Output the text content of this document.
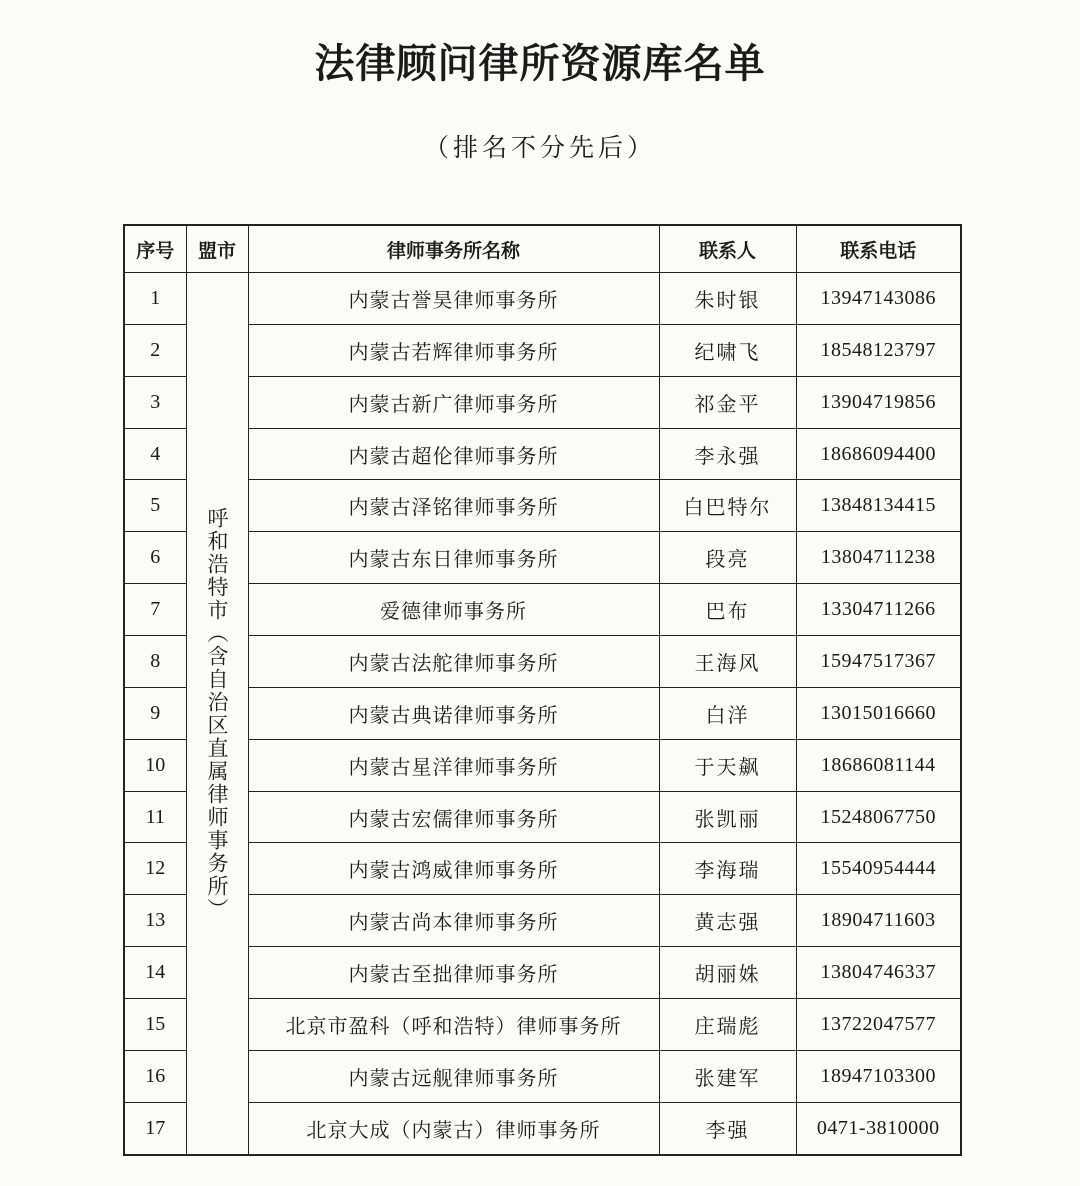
法律顾问律所资源库名单
（排名不分先后）
序号	盟市	律师事务所名称	联系人	联系电话
1	呼和浩特市（含自治区直属律师事务所）	内蒙古誉昊律师事务所	朱时银	13947143086
2		内蒙古若辉律师事务所	纪啸飞	18548123797
3		内蒙古新广律师事务所	祁金平	13904719856
4		内蒙古超伦律师事务所	李永强	18686094400
5		内蒙古泽铭律师事务所	白巴特尔	13848134415
6		内蒙古东日律师事务所	段亮	13804711238
7		爱德律师事务所	巴布	13304711266
8		内蒙古法舵律师事务所	王海风	15947517367
9		内蒙古典诺律师事务所	白洋	13015016660
10		内蒙古星洋律师事务所	于天飙	18686081144
11		内蒙古宏儒律师事务所	张凯丽	15248067750
12		内蒙古鸿威律师事务所	李海瑞	15540954444
13		内蒙古尚本律师事务所	黄志强	18904711603
14		内蒙古至拙律师事务所	胡丽姝	13804746337
15		北京市盈科（呼和浩特）律师事务所	庄瑞彪	13722047577
16		内蒙古远舰律师事务所	张建军	18947103300
17		北京大成（内蒙古）律师事务所	李强	0471-3810000
